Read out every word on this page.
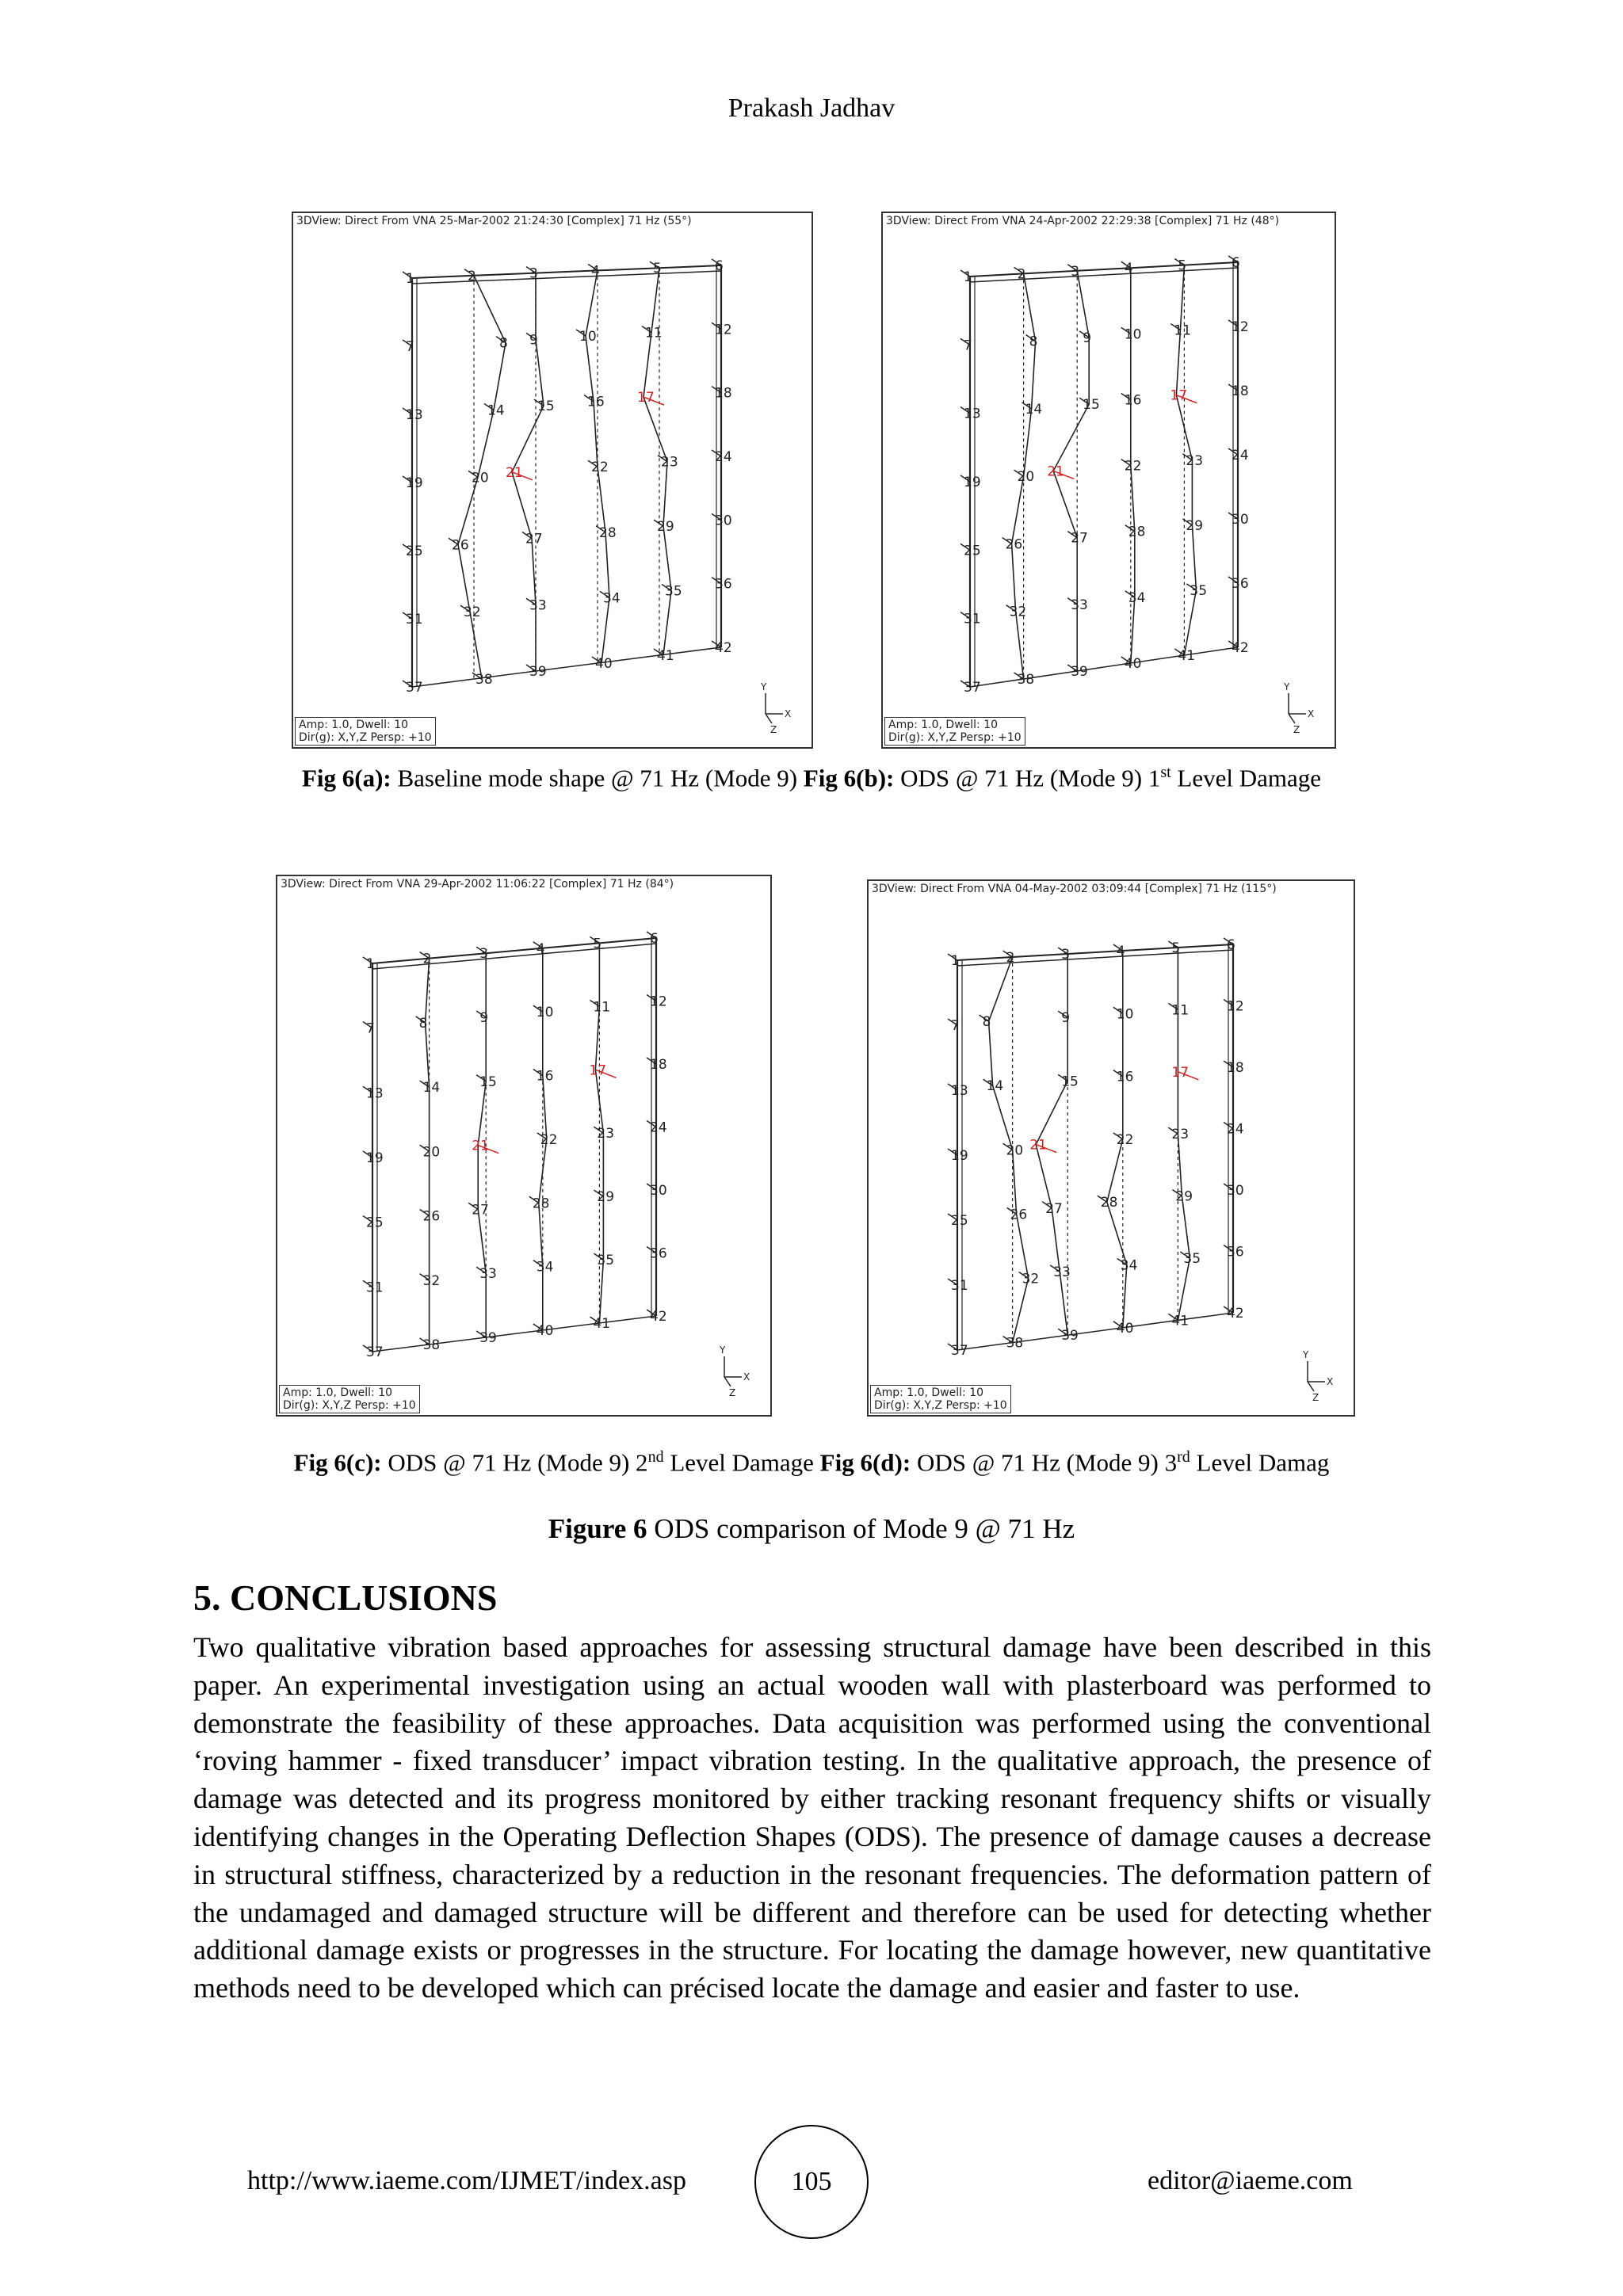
Prakash Jadhav
3DView: Direct From VNA 25-Mar-2002 21:24:30 [Complex] 71 Hz (55°)
1	2	3	4	5	6
7	8 9	10	11	12
13	14 15 16 17	18
19	20 21	22	23	24
25 26	27	28	29	30
31	32	33	34	35 36
37	38	39	40	41	42
Y
X
Z
Amp: 1.0, Dwell: 10
Dir(g): X,Y,Z Persp: +10
3DView: Direct From VNA 24-Apr-2002 22:29:38 [Complex] 71 Hz (48°)
1	2	3	4	5	6
7	8	9 10 11	12
13	14	15 16 17	18
19	20 21	22	23 24
25 26	27	28	29 30
31 32	33	34	35 36
37	38	39	40	41	42
Y
X
Z
Amp: 1.0, Dwell: 10
Dir(g): X,Y,Z Persp: +10
3DView: Direct From VNA 29-Apr-2002 11:06:22 [Complex] 71 Hz (84°)
1	2	3	4	5	6
7	8	9	10	11	12
13	14	15	16	17	18
19	20 21	22	23	24
25	26 27	28	29	30
31	32	33	34	35	36
37	38	39	40	41	42
Y
X
Z
Amp: 1.0, Dwell: 10
Dir(g): X,Y,Z Persp: +10
3DView: Direct From VNA 04-May-2002 03:09:44 [Complex] 71 Hz (115°)
1	2	3	4	5	6
7 8	9	10	11	12
13 14	15	16	17	18
19	20 21	22	23	24
25	26 27	28	29	30
31	32 33	34	35 36
37	38	39	40	41	42
Y
X
Z
Amp: 1.0, Dwell: 10
Dir(g): X,Y,Z Persp: +10
Fig 6(a): Baseline mode shape @ 71 Hz (Mode 9) Fig 6(b): ODS @ 71 Hz (Mode 9) 1st Level Damage
Fig 6(c): ODS @ 71 Hz (Mode 9) 2nd Level Damage Fig 6(d): ODS @ 71 Hz (Mode 9) 3rd Level Damag
Figure 6 ODS comparison of Mode 9 @ 71 Hz
5. CONCLUSIONS

Two qualitative vibration based approaches for assessing structural damage have been described in this paper. An experimental investigation using an actual wooden wall with plasterboard was performed to demonstrate the feasibility of these approaches. Data acquisition was performed using the conventional ‘roving hammer - fixed transducer’ impact vibration testing. In the qualitative approach, the presence of damage was detected and its progress monitored by either tracking resonant frequency shifts or visually identifying changes in the Operating Deflection Shapes (ODS). The presence of damage causes a decrease in structural stiffness, characterized by a reduction in the resonant frequencies. The deformation pattern of the undamaged and damaged structure will be different and therefore can be used for detecting whether additional damage exists or progresses in the structure. For locating the damage however, new quantitative methods need to be developed which can précised locate the damage and easier and faster to use.

http://www.iaeme.com/IJMET/index.asp	105	editor@iaeme.com
